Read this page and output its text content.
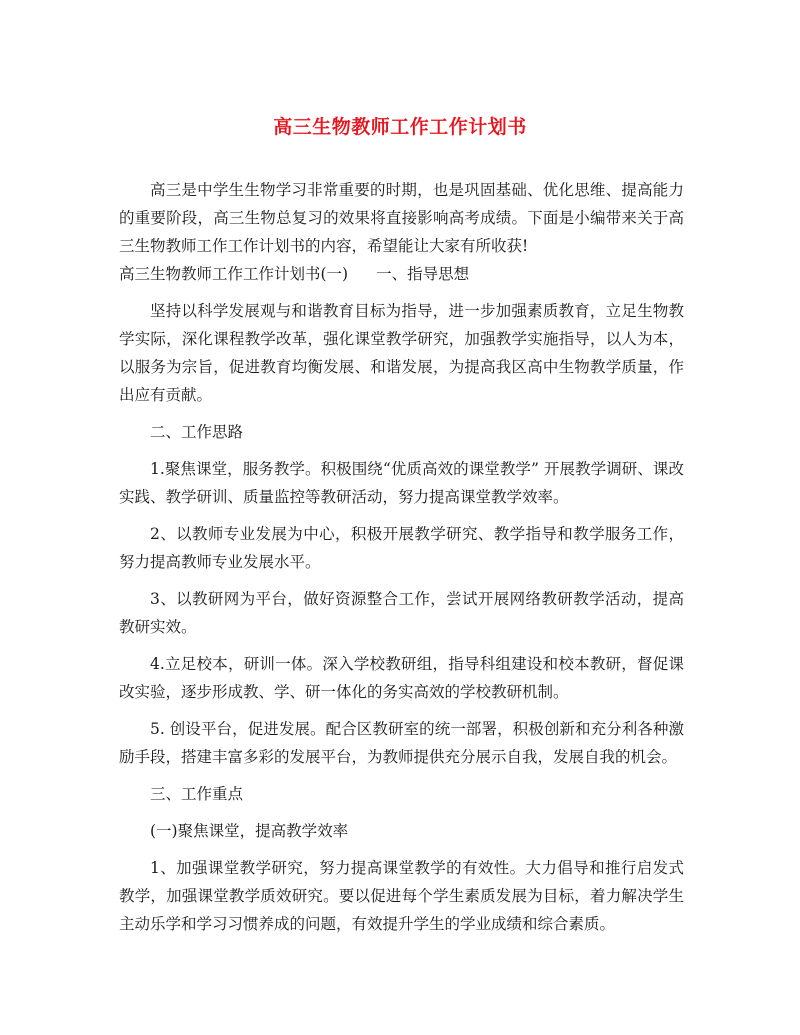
高三生物教师工作工作计划书

高三是中学生生物学习非常重要的时期，也是巩固基础、优化思维、提高能力的重要阶段，高三生物总复习的效果将直接影响高考成绩。下面是小编带来关于高三生物教师工作工作计划书的内容，希望能让大家有所收获!

高三生物教师工作工作计划书(一) 一、指导思想

坚持以科学发展观与和谐教育目标为指导，进一步加强素质教育，立足生物教学实际，深化课程教学改革，强化课堂教学研究，加强教学实施指导，以人为本，以服务为宗旨，促进教育均衡发展、和谐发展，为提高我区高中生物教学质量，作出应有贡献。

二、工作思路

1.聚焦课堂，服务教学。积极围绕“优质高效的课堂教学” 开展教学调研、课改实践、教学研训、质量监控等教研活动，努力提高课堂教学效率。

2、以教师专业发展为中心，积极开展教学研究、教学指导和教学服务工作，努力提高教师专业发展水平。

3、以教研网为平台，做好资源整合工作，尝试开展网络教研教学活动，提高教研实效。

4.立足校本，研训一体。深入学校教研组，指导科组建设和校本教研，督促课改实验，逐步形成教、学、研一体化的务实高效的学校教研机制。

5. 创设平台，促进发展。配合区教研室的统一部署，积极创新和充分利各种激励手段，搭建丰富多彩的发展平台，为教师提供充分展示自我，发展自我的机会。

三、工作重点

(一)聚焦课堂，提高教学效率

1、加强课堂教学研究，努力提高课堂教学的有效性。大力倡导和推行启发式教学，加强课堂教学质效研究。要以促进每个学生素质发展为目标，着力解决学生主动乐学和学习习惯养成的问题，有效提升学生的学业成绩和综合素质。
